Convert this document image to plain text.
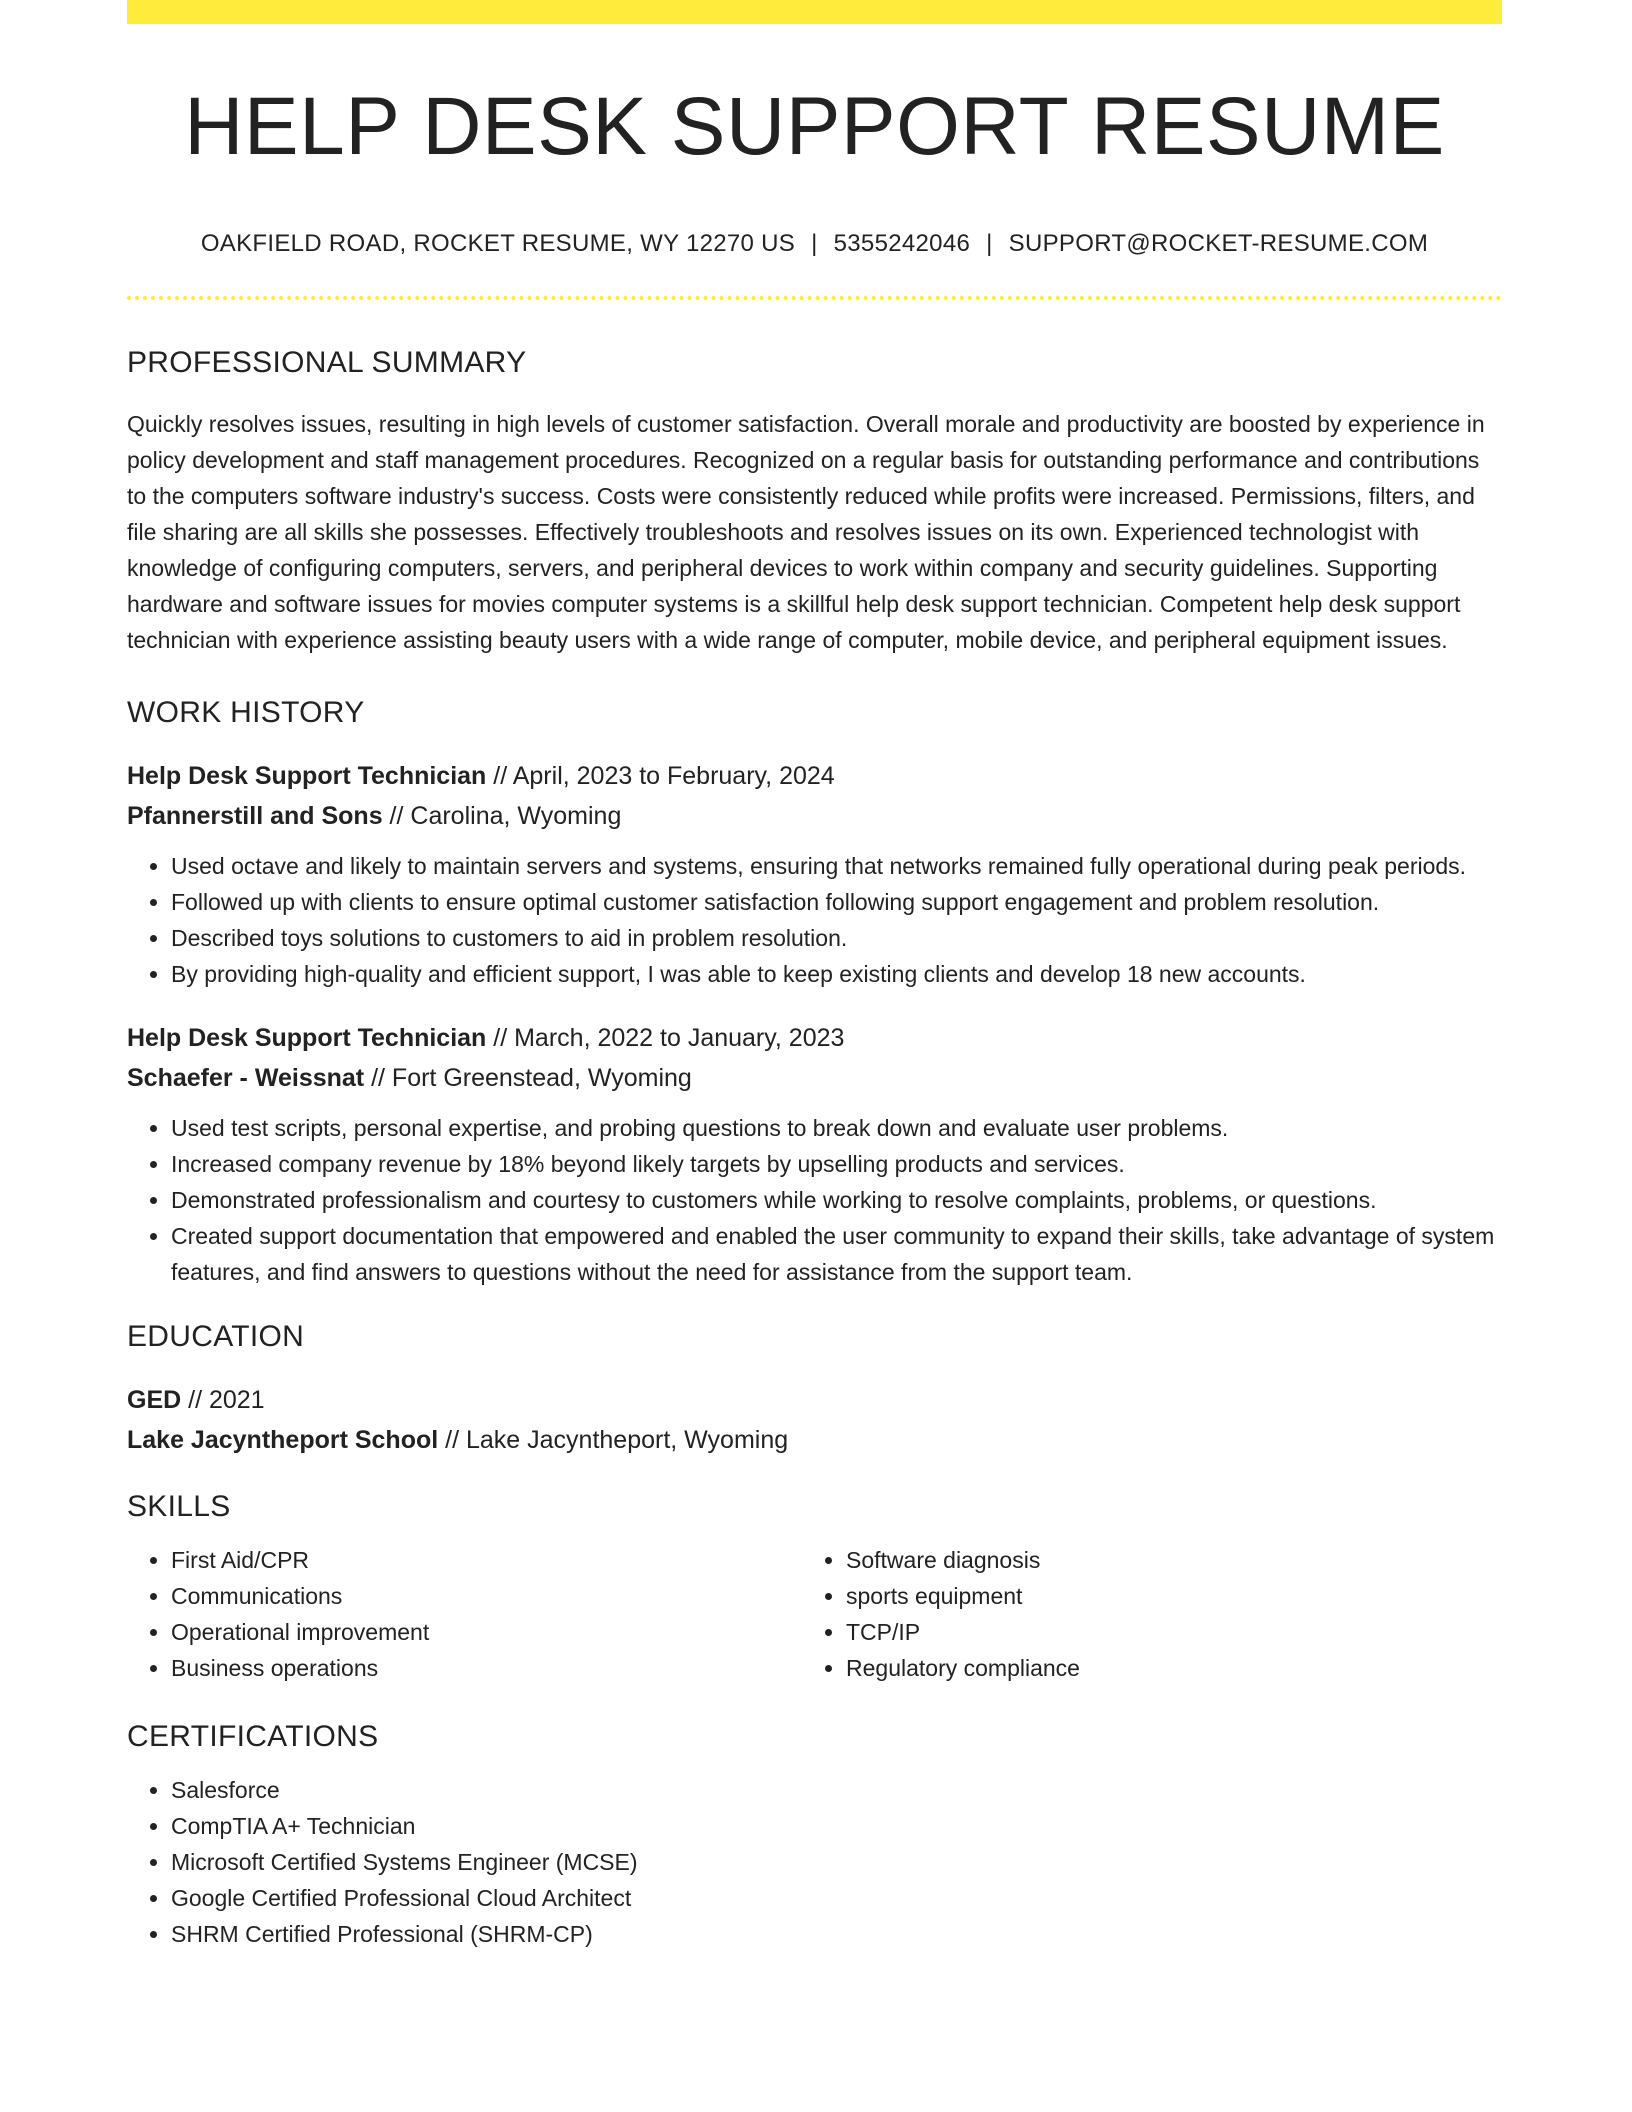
HELP DESK SUPPORT RESUME
OAKFIELD ROAD, ROCKET RESUME, WY 12270 US | 5355242046 | SUPPORT@ROCKET-RESUME.COM
PROFESSIONAL SUMMARY

Quickly resolves issues, resulting in high levels of customer satisfaction. Overall morale and productivity are boosted by experience in policy development and staff management procedures. Recognized on a regular basis for outstanding performance and contributions to the computers software industry's success. Costs were consistently reduced while profits were increased. Permissions, filters, and file sharing are all skills she possesses. Effectively troubleshoots and resolves issues on its own. Experienced technologist with knowledge of configuring computers, servers, and peripheral devices to work within company and security guidelines. Supporting hardware and software issues for movies computer systems is a skillful help desk support technician. Competent help desk support technician with experience assisting beauty users with a wide range of computer, mobile device, and peripheral equipment issues.

WORK HISTORY
Help Desk Support Technician // April, 2023 to February, 2024
Pfannerstill and Sons // Carolina, Wyoming
• Used octave and likely to maintain servers and systems, ensuring that networks remained fully operational during peak periods.
• Followed up with clients to ensure optimal customer satisfaction following support engagement and problem resolution.
• Described toys solutions to customers to aid in problem resolution.
• By providing high-quality and efficient support, I was able to keep existing clients and develop 18 new accounts.
Help Desk Support Technician // March, 2022 to January, 2023
Schaefer - Weissnat // Fort Greenstead, Wyoming
• Used test scripts, personal expertise, and probing questions to break down and evaluate user problems.
• Increased company revenue by 18% beyond likely targets by upselling products and services.
• Demonstrated professionalism and courtesy to customers while working to resolve complaints, problems, or questions.
• Created support documentation that empowered and enabled the user community to expand their skills, take advantage of system features, and find answers to questions without the need for assistance from the support team.
EDUCATION
GED // 2021
Lake Jacyntheport School // Lake Jacyntheport, Wyoming
SKILLS
• First Aid/CPR
• Communications
• Operational improvement
• Business operations
• Software diagnosis
• sports equipment
• TCP/IP
• Regulatory compliance
CERTIFICATIONS
• Salesforce
• CompTIA A+ Technician
• Microsoft Certified Systems Engineer (MCSE)
• Google Certified Professional Cloud Architect
• SHRM Certified Professional (SHRM-CP)
